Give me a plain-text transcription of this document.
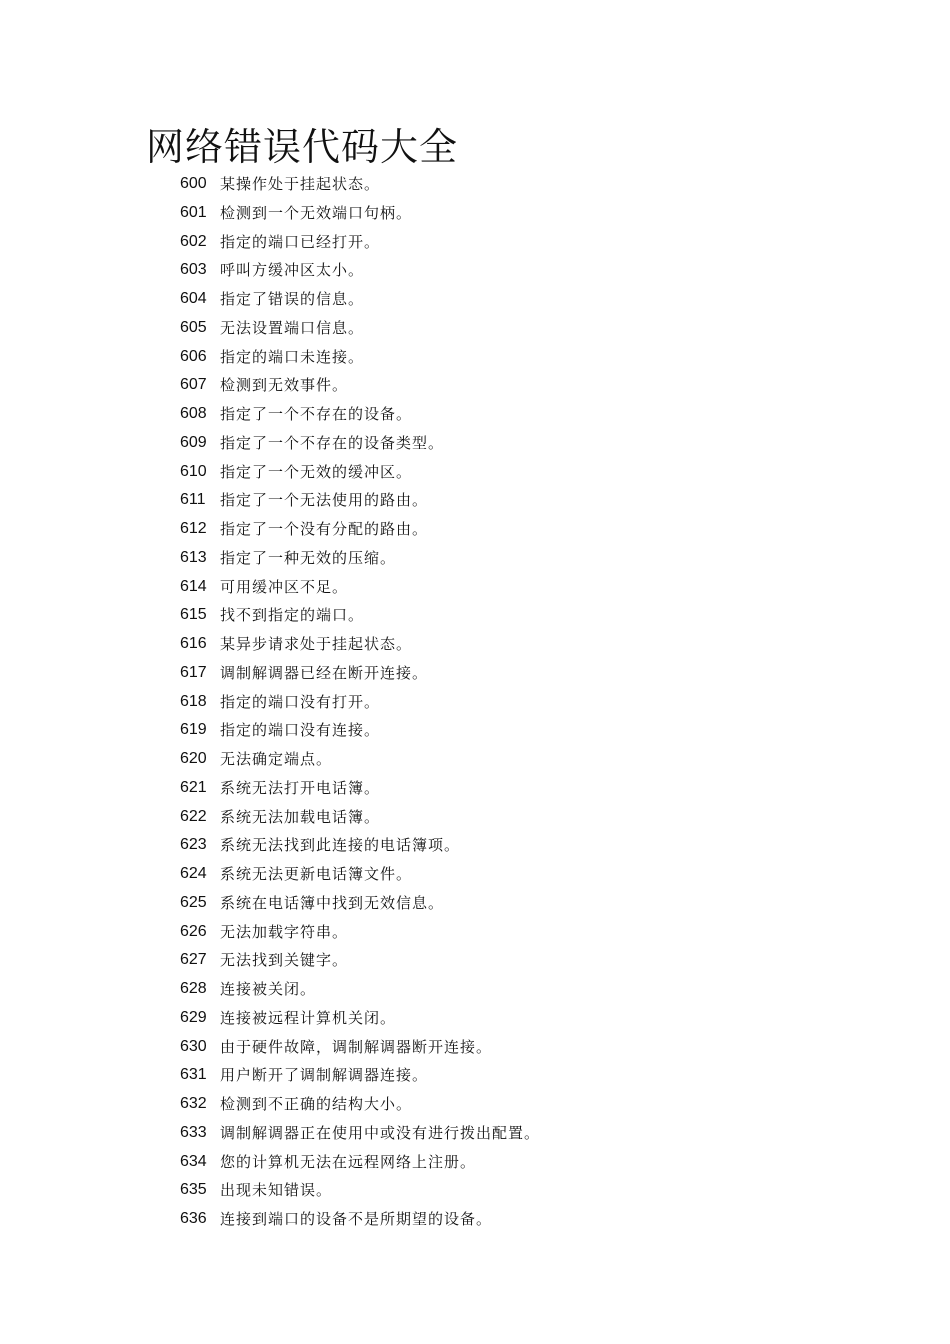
网络错误代码大全
600 某操作处于挂起状态。
601 检测到一个无效端口句柄。
602 指定的端口已经打开。
603 呼叫方缓冲区太小。
604 指定了错误的信息。
605 无法设置端口信息。
606 指定的端口未连接。
607 检测到无效事件。
608 指定了一个不存在的设备。
609 指定了一个不存在的设备类型。
610 指定了一个无效的缓冲区。
611 指定了一个无法使用的路由。
612 指定了一个没有分配的路由。
613 指定了一种无效的压缩。
614 可用缓冲区不足。
615 找不到指定的端口。
616 某异步请求处于挂起状态。
617 调制解调器已经在断开连接。
618 指定的端口没有打开。
619 指定的端口没有连接。
620 无法确定端点。
621 系统无法打开电话簿。
622 系统无法加载电话簿。
623 系统无法找到此连接的电话簿项。
624 系统无法更新电话簿文件。
625 系统在电话簿中找到无效信息。
626 无法加载字符串。
627 无法找到关键字。
628 连接被关闭。
629 连接被远程计算机关闭。
630 由于硬件故障，调制解调器断开连接。
631 用户断开了调制解调器连接。
632 检测到不正确的结构大小。
633 调制解调器正在使用中或没有进行拨出配置。
634 您的计算机无法在远程网络上注册。
635 出现未知错误。
636 连接到端口的设备不是所期望的设备。
